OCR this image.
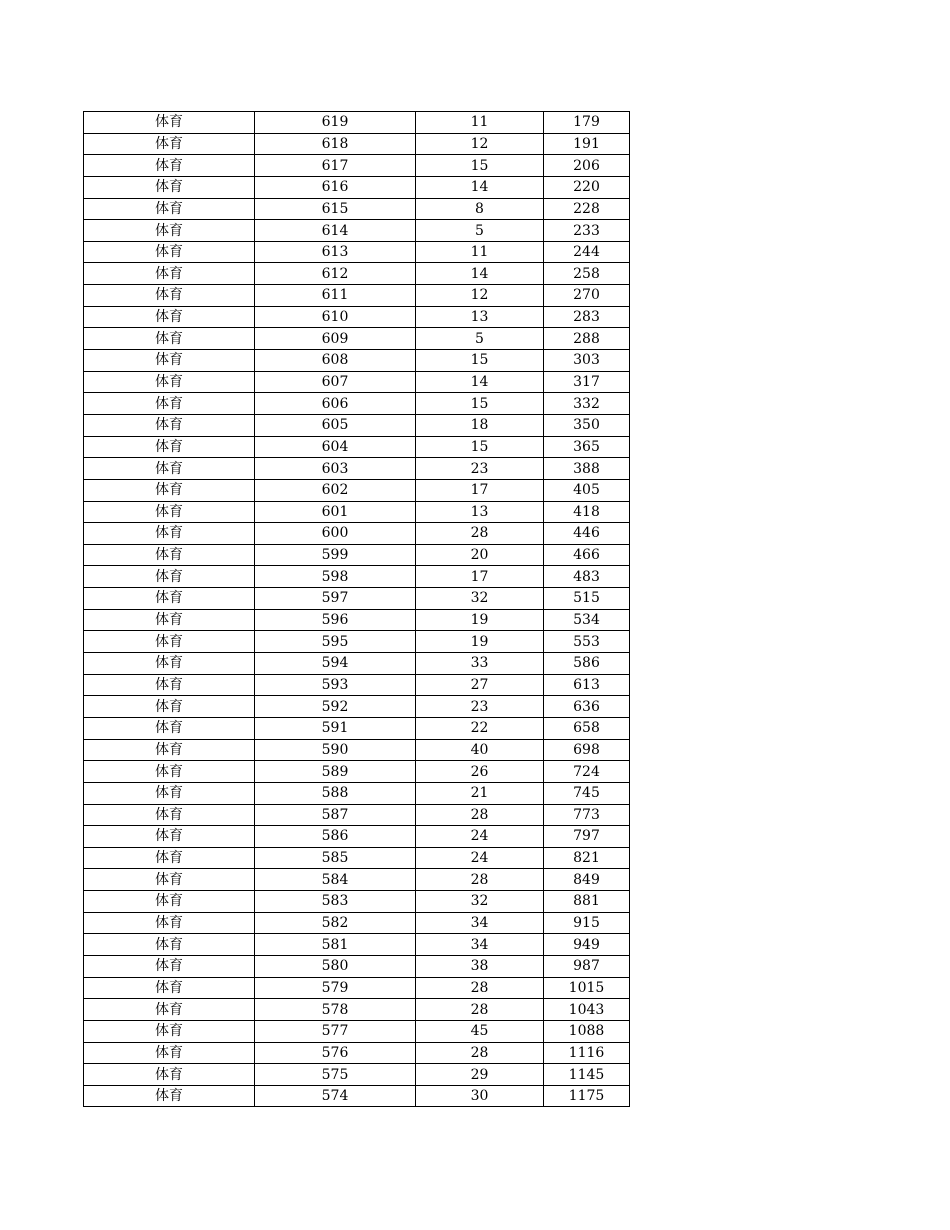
体育	619	11	179
体育	618	12	191
体育	617	15	206
体育	616	14	220
体育	615	8	228
体育	614	5	233
体育	613	11	244
体育	612	14	258
体育	611	12	270
体育	610	13	283
体育	609	5	288
体育	608	15	303
体育	607	14	317
体育	606	15	332
体育	605	18	350
体育	604	15	365
体育	603	23	388
体育	602	17	405
体育	601	13	418
体育	600	28	446
体育	599	20	466
体育	598	17	483
体育	597	32	515
体育	596	19	534
体育	595	19	553
体育	594	33	586
体育	593	27	613
体育	592	23	636
体育	591	22	658
体育	590	40	698
体育	589	26	724
体育	588	21	745
体育	587	28	773
体育	586	24	797
体育	585	24	821
体育	584	28	849
体育	583	32	881
体育	582	34	915
体育	581	34	949
体育	580	38	987
体育	579	28	1015
体育	578	28	1043
体育	577	45	1088
体育	576	28	1116
体育	575	29	1145
体育	574	30	1175
